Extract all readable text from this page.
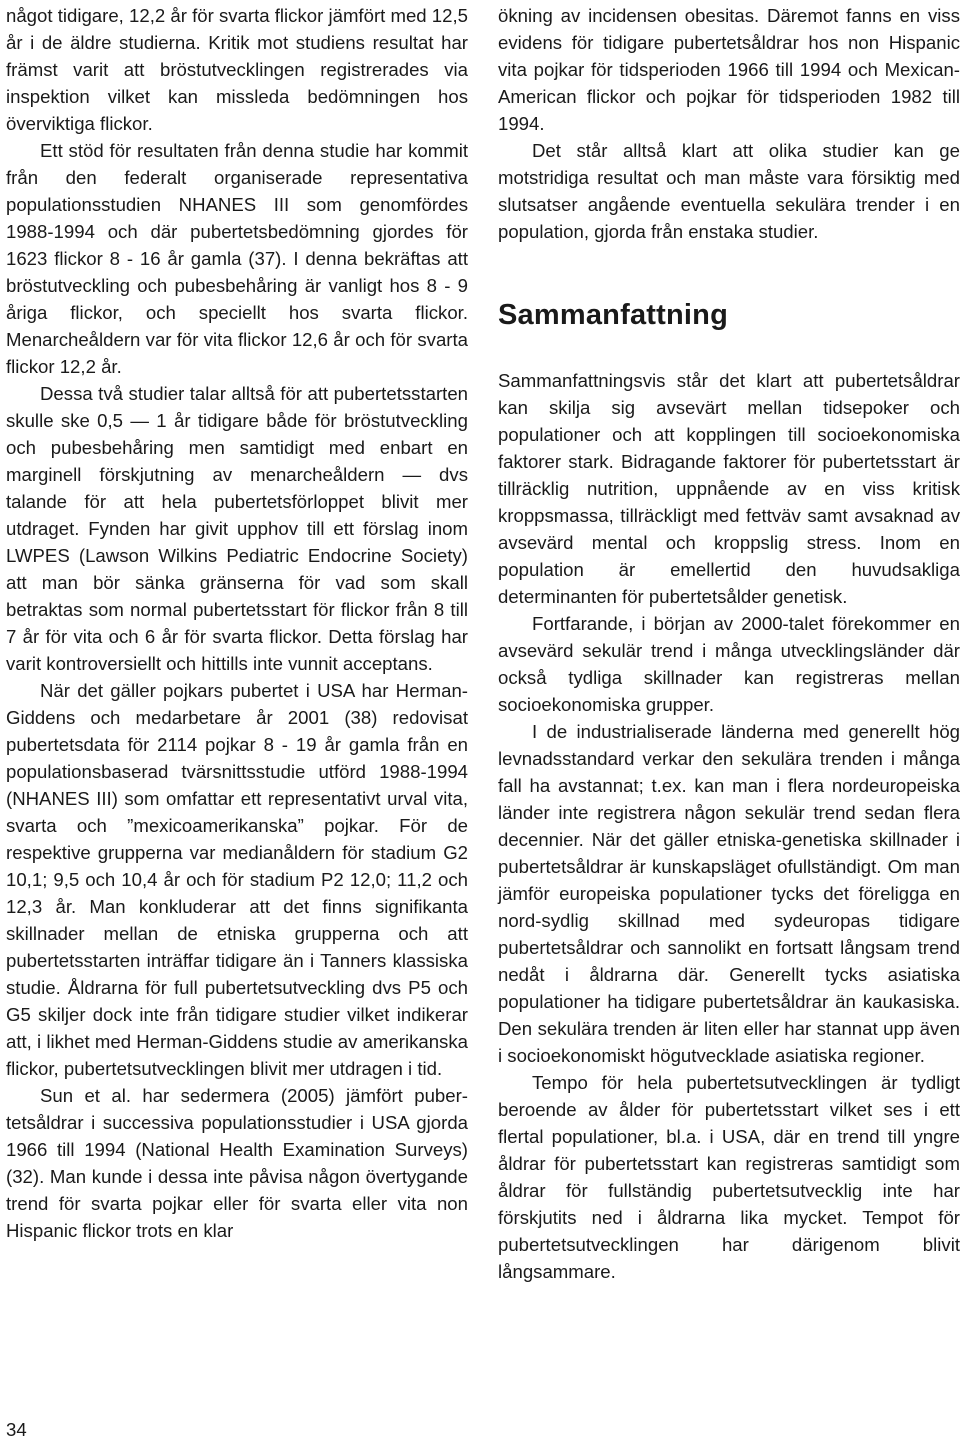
något tidigare, 12,2 år för svarta flickor jämfört med 12,5 år i de äldre studierna. Kritik mot studiens resultat har främst varit att bröstutvecklingen registrerades via inspektion vilket kan missleda bedömningen hos överviktiga flickor.

Ett stöd för resultaten från denna studie har kommit från den federalt organiserade representativa populationsstudien NHANES III som genomfördes 1988-1994 och där pubertetsbedömning gjordes för 1623 flickor 8 - 16 år gamla (37). I denna bekräftas att bröstutveckling och pubesbehåring är vanligt hos 8 - 9 åriga flickor, och speciellt hos svarta flickor. Menarcheåldern var för vita flickor 12,6 år och för svarta flickor 12,2 år.

Dessa två studier talar alltså för att pubertetsstarten skulle ske 0,5 — 1 år tidigare både för bröstutveckling och pubesbehåring men samtidigt med enbart en marginell förskjutning av menarcheåldern — dvs talande för att hela pubertetsförloppet blivit mer utdraget. Fynden har givit upphov till ett förslag inom LWPES (Lawson Wilkins Pediatric Endocrine Society) att man bör sänka gränserna för vad som skall betraktas som normal pubertetsstart för flickor från 8 till 7 år för vita och 6 år för svarta flickor. Detta förslag har varit kontroversiellt och hittills inte vunnit acceptans.

När det gäller pojkars pubertet i USA har Herman-Giddens och medarbetare år 2001 (38) redovisat pubertetsdata för 2114 pojkar 8 - 19 år gamla från en populationsbaserad tvärsnittsstudie utförd 1988-1994 (NHANES III) som omfattar ett representativt urval vita, svarta och ”mexicoamerikanska” pojkar. För de respektive grupperna var medianåldern för stadium G2 10,1; 9,5 och 10,4 år och för stadium P2 12,0; 11,2 och 12,3 år. Man konkluderar att det finns signifikanta skillnader mellan de etniska grupperna och att pubertetsstarten inträffar tidigare än i Tanners klassiska studie. Åldrarna för full pubertetsutveckling dvs P5 och G5 skiljer dock inte från tidigare studier vilket indikerar att, i likhet med Herman-Giddens studie av amerikanska flickor, pubertetsutvecklingen blivit mer utdragen i tid.

Sun et al. har sedermera (2005) jämfört pubertetsåldrar i successiva populationsstudier i USA gjorda 1966 till 1994 (National Health Examination Surveys) (32). Man kunde i dessa inte påvisa någon övertygande trend för svarta pojkar eller för svarta eller vita non Hispanic flickor trots en klar

ökning av incidensen obesitas. Däremot fanns en viss evidens för tidigare pubertetsåldrar hos non Hispanic vita pojkar för tidsperioden 1966 till 1994 och Mexican-American flickor och pojkar för tidsperioden 1982 till 1994.

Det står alltså klart att olika studier kan ge motstridiga resultat och man måste vara försiktig med slutsatser angående eventuella sekulära trender i en population, gjorda från enstaka studier.

Sammanfattning

Sammanfattningsvis står det klart att pubertetsåldrar kan skilja sig avsevärt mellan tidsepoker och populationer och att kopplingen till socioekonomiska faktorer stark. Bidragande faktorer för pubertetsstart är tillräcklig nutrition, uppnående av en viss kritisk kroppsmassa, tillräckligt med fettväv samt avsaknad av avsevärd mental och kroppslig stress. Inom en population är emellertid den huvudsakliga determinanten för pubertetsålder genetisk.

Fortfarande, i början av 2000-talet förekommer en avsevärd sekulär trend i många utvecklingsländer där också tydliga skillnader kan registreras mellan socioekonomiska grupper.

I de industrialiserade länderna med generellt hög levnadsstandard verkar den sekulära trenden i många fall ha avstannat; t.ex. kan man i flera nordeuropeiska länder inte registrera någon sekulär trend sedan flera decennier. När det gäller etniska-genetiska skillnader i pubertetsåldrar är kunskapsläget ofullständigt. Om man jämför europeiska populationer tycks det föreligga en nord-sydlig skillnad med sydeuropas tidigare pubertetsåldrar och sannolikt en fortsatt långsam trend nedåt i åldrarna där. Generellt tycks asiatiska populationer ha tidigare pubertetsåldrar än kaukasiska. Den sekulära trenden är liten eller har stannat upp även i socioekonomiskt högutvecklade asiatiska regioner.

Tempo för hela pubertetsutvecklingen är tydligt beroende av ålder för pubertetsstart vilket ses i ett flertal populationer, bl.a. i USA, där en trend till yngre åldrar för pubertetsstart kan registreras samtidigt som åldrar för fullständig pubertetsutvecklig inte har förskjutits ned i åldrarna lika mycket. Tempot för pubertetsutvecklingen har därigenom blivit långsammare.

34
